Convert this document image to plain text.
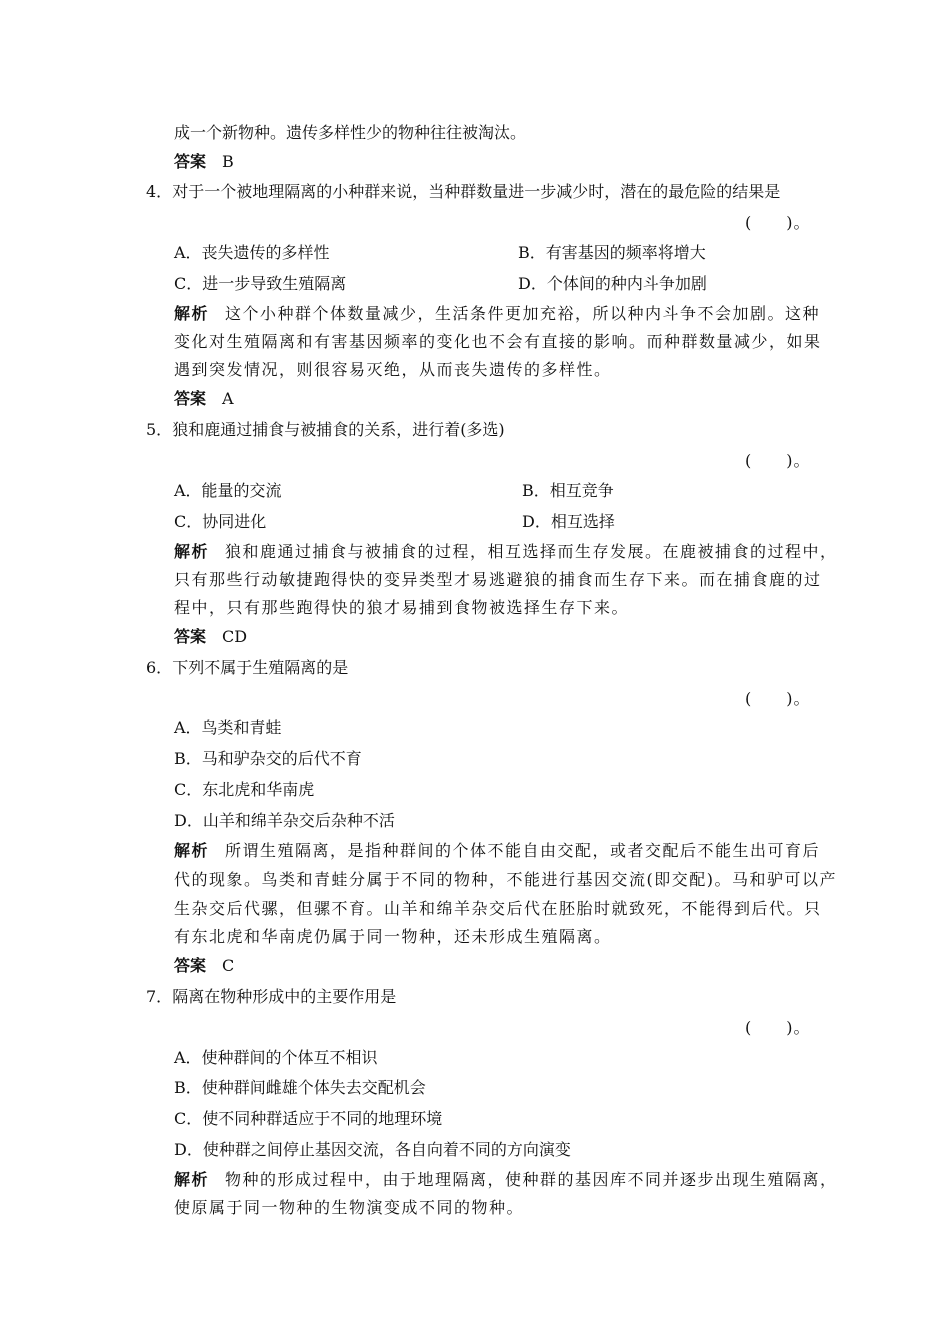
成一个新物种。遗传多样性少的物种往往被淘汰。
答案 B
4．对于一个被地理隔离的小种群来说，当种群数量进一步减少时，潜在的最危险的结果是
(　　)。
A．丧失遗传的多样性	B．有害基因的频率将增大
C．进一步导致生殖隔离	D．个体间的种内斗争加剧
解析 这个小种群个体数量减少，生活条件更加充裕，所以种内斗争不会加剧。这种
变化对生殖隔离和有害基因频率的变化也不会有直接的影响。而种群数量减少，如果
遇到突发情况，则很容易灭绝，从而丧失遗传的多样性。
答案 A
5．狼和鹿通过捕食与被捕食的关系，进行着(多选)
(　　)。
A．能量的交流	B．相互竞争
C．协同进化	D．相互选择
解析 狼和鹿通过捕食与被捕食的过程，相互选择而生存发展。在鹿被捕食的过程中，
只有那些行动敏捷跑得快的变异类型才易逃避狼的捕食而生存下来。而在捕食鹿的过
程中，只有那些跑得快的狼才易捕到食物被选择生存下来。
答案 CD
6．下列不属于生殖隔离的是
(　　)。
A．鸟类和青蛙
B．马和驴杂交的后代不育
C．东北虎和华南虎
D．山羊和绵羊杂交后杂种不活
解析 所谓生殖隔离，是指种群间的个体不能自由交配，或者交配后不能生出可育后
代的现象。鸟类和青蛙分属于不同的物种，不能进行基因交流(即交配)。马和驴可以产
生杂交后代骡，但骡不育。山羊和绵羊杂交后代在胚胎时就致死，不能得到后代。只
有东北虎和华南虎仍属于同一物种，还未形成生殖隔离。
答案 C
7．隔离在物种形成中的主要作用是
(　　)。
A．使种群间的个体互不相识
B．使种群间雌雄个体失去交配机会
C．使不同种群适应于不同的地理环境
D．使种群之间停止基因交流，各自向着不同的方向演变
解析 物种的形成过程中，由于地理隔离，使种群的基因库不同并逐步出现生殖隔离，
使原属于同一物种的生物演变成不同的物种。
